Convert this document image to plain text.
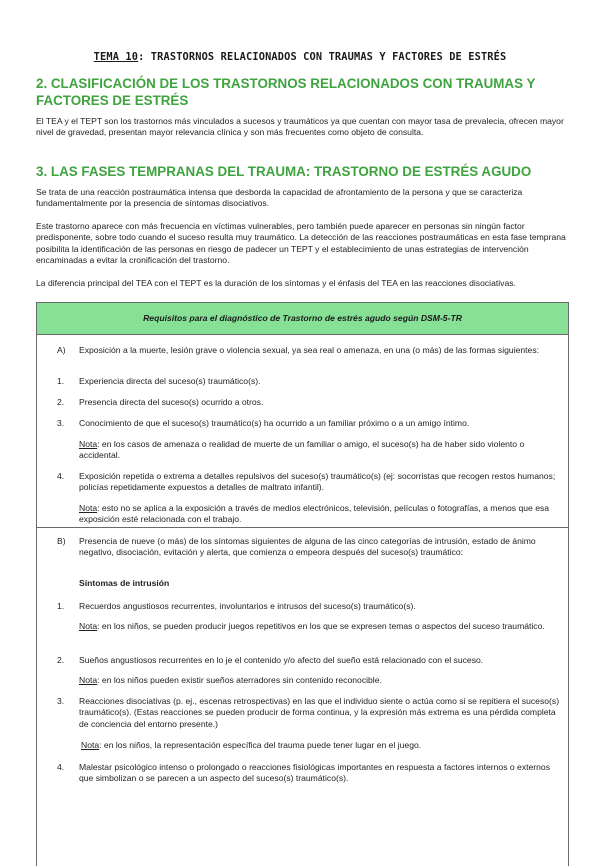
TEMA 10: TRASTORNOS RELACIONADOS CON TRAUMAS Y FACTORES DE ESTRÉS
2. CLASIFICACIÓN DE LOS TRASTORNOS RELACIONADOS CON TRAUMAS Y
FACTORES DE ESTRÉS

El TEA y el TEPT son los trastornos más vinculados a sucesos y traumáticos ya que cuentan con mayor tasa de prevalecia, ofrecen mayor nivel de gravedad, presentan mayor relevancia clínica y son más frecuentes como objeto de consulta.

3. LAS FASES TEMPRANAS DEL TRAUMA: TRASTORNO DE ESTRÉS AGUDO

Se trata de una reacción postraumática intensa que desborda la capacidad de afrontamiento de la persona y que se caracteriza fundamentalmente por la presencia de síntomas disociativos.

Este trastorno aparece con más frecuencia en víctimas vulnerables, pero también puede aparecer en personas sin ningún factor predisponente, sobre todo cuando el suceso resulta muy traumático. La detección de las reacciones postraumáticas en esta fase temprana posibilita la identificación de las personas en riesgo de padecer un TEPT y el establecimiento de unas estrategias de intervención encaminadas a evitar la cronificación del trastorno.

La diferencia principal del TEA con el TEPT es la duración de los síntomas y el énfasis del TEA en las reacciones disociativas.

Requisitos para el diagnóstico de Trastorno de estrés agudo según DSM-5-TR
A) Exposición a la muerte, lesión grave o violencia sexual, ya sea real o amenaza, en una (o más) de las formas siguientes:
1. Experiencia directa del suceso(s) traumático(s).
2. Presencia directa del suceso(s) ocurrido a otros.
3. Conocimiento de que el suceso(s) traumático(s) ha ocurrido a un familiar próximo o a un amigo íntimo.
Nota: en los casos de amenaza o realidad de muerte de un familiar o amigo, el suceso(s) ha de haber sido violento o accidental.
4. Exposición repetida o extrema a detalles repulsivos del suceso(s) traumático(s) (ej: socorristas que recogen restos humanos; policías repetidamente expuestos a detalles de maltrato infantil).
Nota: esto no se aplica a la exposición a través de medios electrónicos, televisión, películas o fotografías, a menos que esa exposición esté relacionada con el trabajo.
B) Presencia de nueve (o más) de los síntomas siguientes de alguna de las cinco categorías de intrusión, estado de ánimo negativo, disociación, evitación y alerta, que comienza o empeora después del suceso(s) traumático:
Síntomas de intrusión
1. Recuerdos angustiosos recurrentes, involuntarios e intrusos del suceso(s) traumático(s).
Nota: en los niños, se pueden producir juegos repetitivos en los que se expresen temas o aspectos del suceso traumático.
2. Sueños angustiosos recurrentes en lo je el contenido y/o afecto del sueño está relacionado con el suceso.
Nota: en los niños pueden existir sueños aterradores sin contenido reconocible.
3. Reacciones disociativas (p. ej., escenas retrospectivas) en las que el individuo siente o actúa como si se repitiera el suceso(s) traumático(s). (Estas reacciones se pueden producir de forma continua, y la expresión más extrema es una pérdida completa de conciencia del entorno presente.)
Nota: en los niños, la representación específica del trauma puede tener lugar en el juego.
4. Malestar psicológico intenso o prolongado o reacciones fisiológicas importantes en respuesta a factores internos o externos que simbolizan o se parecen a un aspecto del suceso(s) traumático(s).
